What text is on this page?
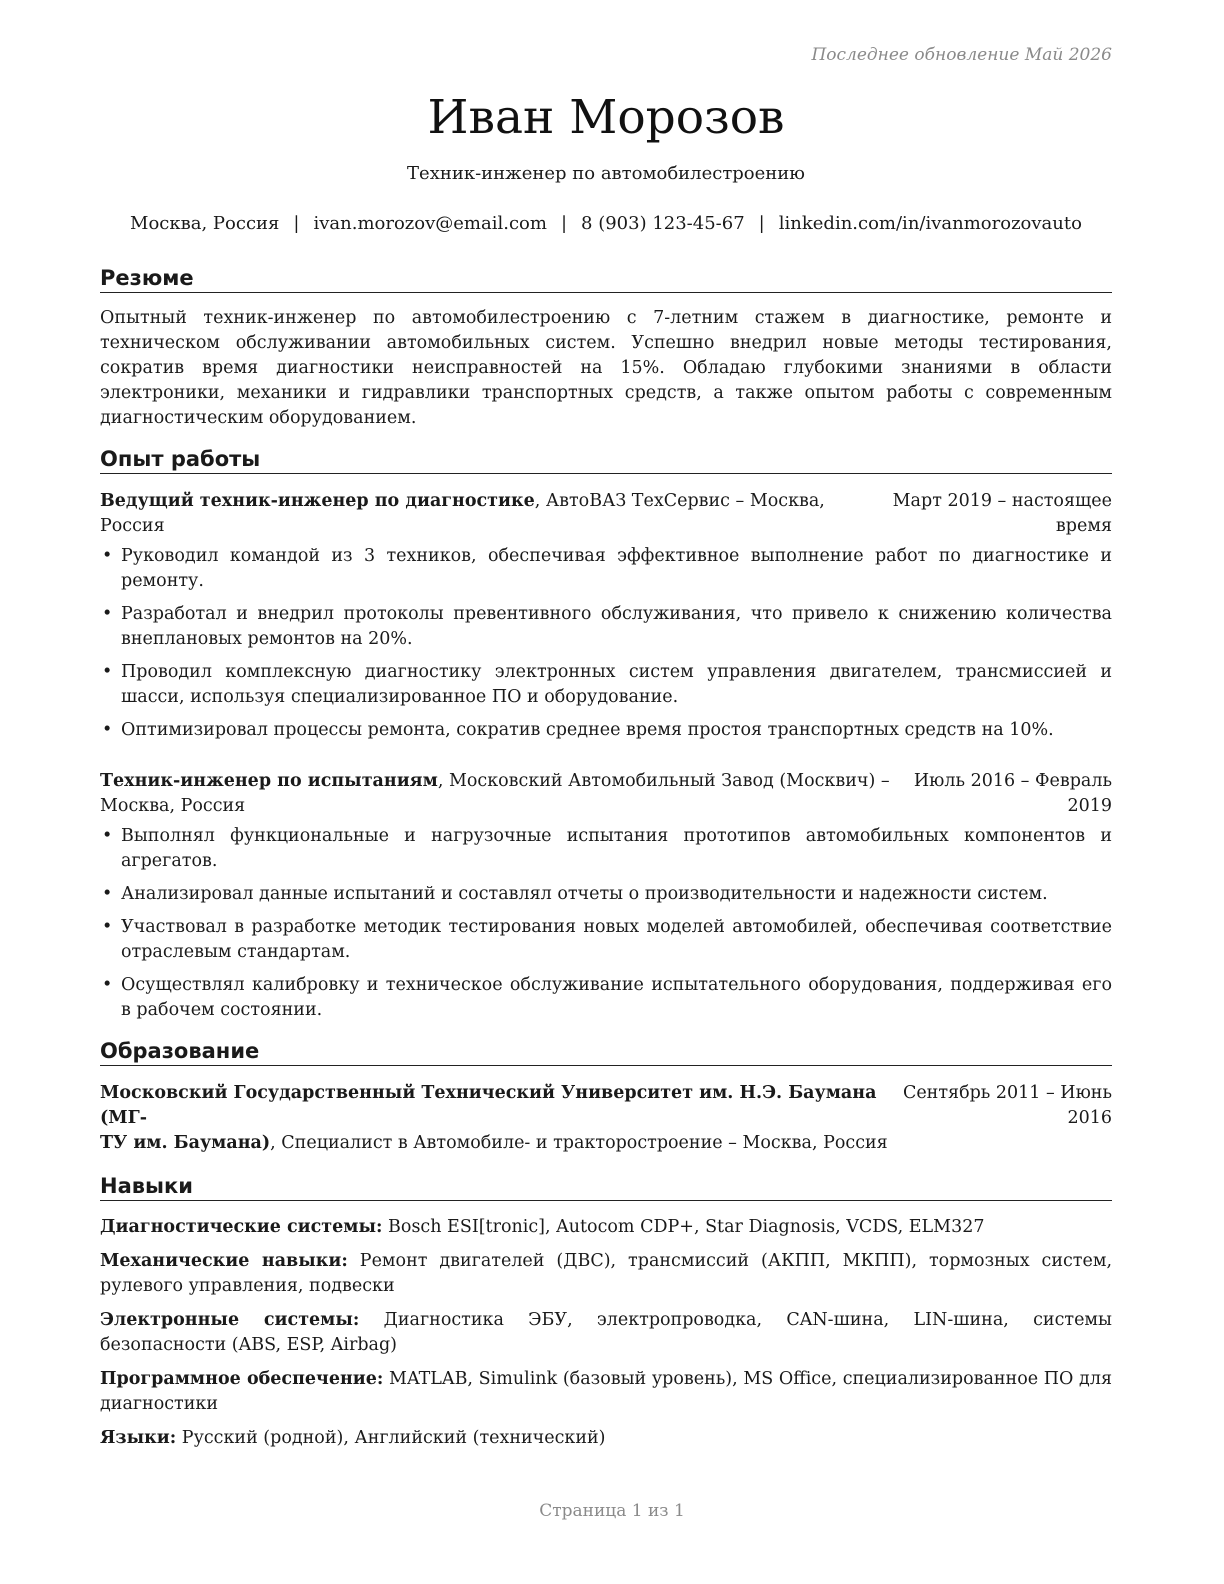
Последнее обновление Май 2026
Иван Морозов
Техник-инженер по автомобилестроению
Москва, Россия | ivan.morozov@email.com | 8 (903) 123-45-67 | linkedin.com/in/ivanmorozovauto
Резюме

Опытный техник-инженер по автомобилестроению с 7-летним стажем в диагностике, ремонте и техническом обслуживании автомобильных систем. Успешно внедрил новые методы тестирования, сократив время диагностики неисправностей на 15%. Обладаю глубокими знаниями в области электроники, механики и гидравлики транспортных средств, а также опытом работы с современным диагностическим оборудованием.

Опыт работы
Ведущий техник-инженер по диагностике, АвтоВАЗ ТехСервис – Москва, Россия
Март 2019 – настоящее
время
• Руководил командой из 3 техников, обеспечивая эффективное выполнение работ по диагностике и ремонту.
• Разработал и внедрил протоколы превентивного обслуживания, что привело к снижению количества внеплановых ремонтов на 20%.
• Проводил комплексную диагностику электронных систем управления двигателем, трансмиссией и шасси, используя специализированное ПО и оборудование.
• Оптимизировал процессы ремонта, сократив среднее время простоя транспортных средств на 10%.
Техник-инженер по испытаниям, Московский Автомобильный Завод (Москвич) –
Москва, Россия
Июль 2016 – Февраль
2019
• Выполнял функциональные и нагрузочные испытания прототипов автомобильных компонентов и агрегатов.
• Анализировал данные испытаний и составлял отчеты о производительности и надежности систем.
• Участвовал в разработке методик тестирования новых моделей автомобилей, обеспечивая соответствие отраслевым стандартам.
• Осуществлял калибровку и техническое обслуживание испытательного оборудования, поддерживая его в рабочем состоянии.
Образование
Московский Государственный Технический Университет им. Н.Э. Баумана (МГ-
ТУ им. Баумана), Специалист в Автомобиле- и тракторостроение – Москва, Россия
Сентябрь 2011 – Июнь
2016
Навыки
Диагностические системы: Bosch ESI[tronic], Autocom CDP+, Star Diagnosis, VCDS, ELM327
Механические навыки: Ремонт двигателей (ДВС), трансмиссий (АКПП, МКПП), тормозных систем, рулевого управления, подвески
Электронные системы: Диагностика ЭБУ, электропроводка, CAN-шина, LIN-шина, системы безопасности (ABS, ESP, Airbag)
Программное обеспечение: MATLAB, Simulink (базовый уровень), MS Office, специализированное ПО для диагностики
Языки: Русский (родной), Английский (технический)
Страница 1 из 1
